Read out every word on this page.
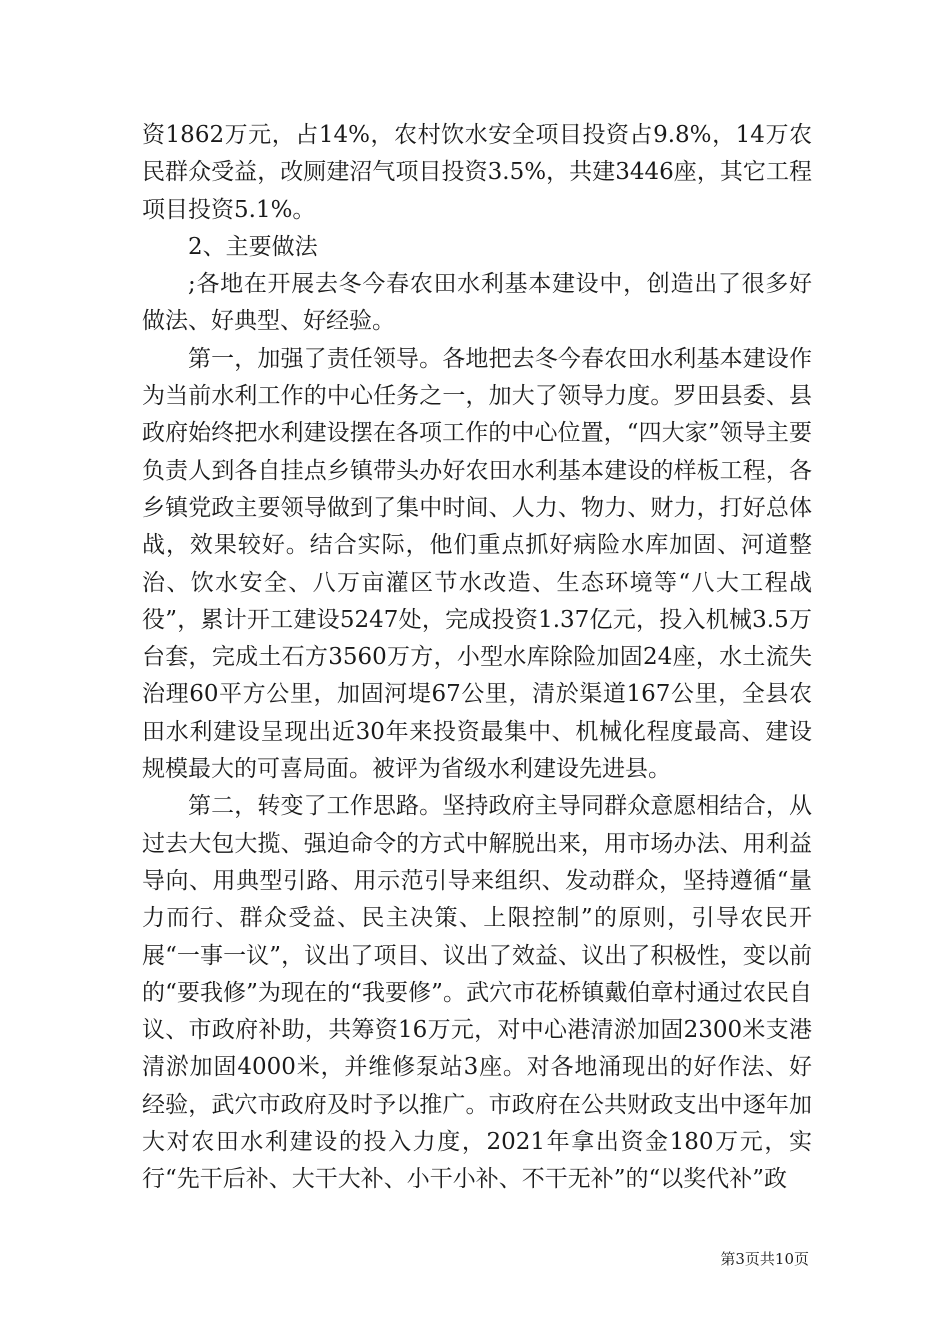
资1862万元，占14%，农村饮水安全项目投资占9.8%，14万农民群众受益，改厕建沼气项目投资3.5%，共建3446座，其它工程项目投资5.1%。

2、主要做法

;各地在开展去冬今春农田水利基本建设中，创造出了很多好做法、好典型、好经验。

第一，加强了责任领导。各地把去冬今春农田水利基本建设作为当前水利工作的中心任务之一，加大了领导力度。罗田县委、县政府始终把水利建设摆在各项工作的中心位置，“四大家”领导主要负责人到各自挂点乡镇带头办好农田水利基本建设的样板工程，各乡镇党政主要领导做到了集中时间、人力、物力、财力，打好总体战，效果较好。结合实际，他们重点抓好病险水库加固、河道整治、饮水安全、八万亩灌区节水改造、生态环境等“八大工程战役”，累计开工建设5247处，完成投资1.37亿元，投入机械3.5万台套，完成土石方3560万方，小型水库除险加固24座，水土流失治理60平方公里，加固河堤67公里，清於渠道167公里，全县农田水利建设呈现出近30年来投资最集中、机械化程度最高、建设规模最大的可喜局面。被评为省级水利建设先进县。

第二，转变了工作思路。坚持政府主导同群众意愿相结合，从过去大包大揽、强迫命令的方式中解脱出来，用市场办法、用利益导向、用典型引路、用示范引导来组织、发动群众，坚持遵循“量力而行、群众受益、民主决策、上限控制”的原则，引导农民开展“一事一议”，议出了项目、议出了效益、议出了积极性，变以前的“要我修”为现在的“我要修”。武穴市花桥镇戴伯章村通过农民自议、市政府补助，共筹资16万元，对中心港清淤加固2300米支港清淤加固4000米，并维修泵站3座。对各地涌现出的好作法、好经验，武穴市政府及时予以推广。市政府在公共财政支出中逐年加大对农田水利建设的投入力度，2021年拿出资金180万元，实行“先干后补、大干大补、小干小补、不干无补”的“以奖代补”政

第3页共10页
